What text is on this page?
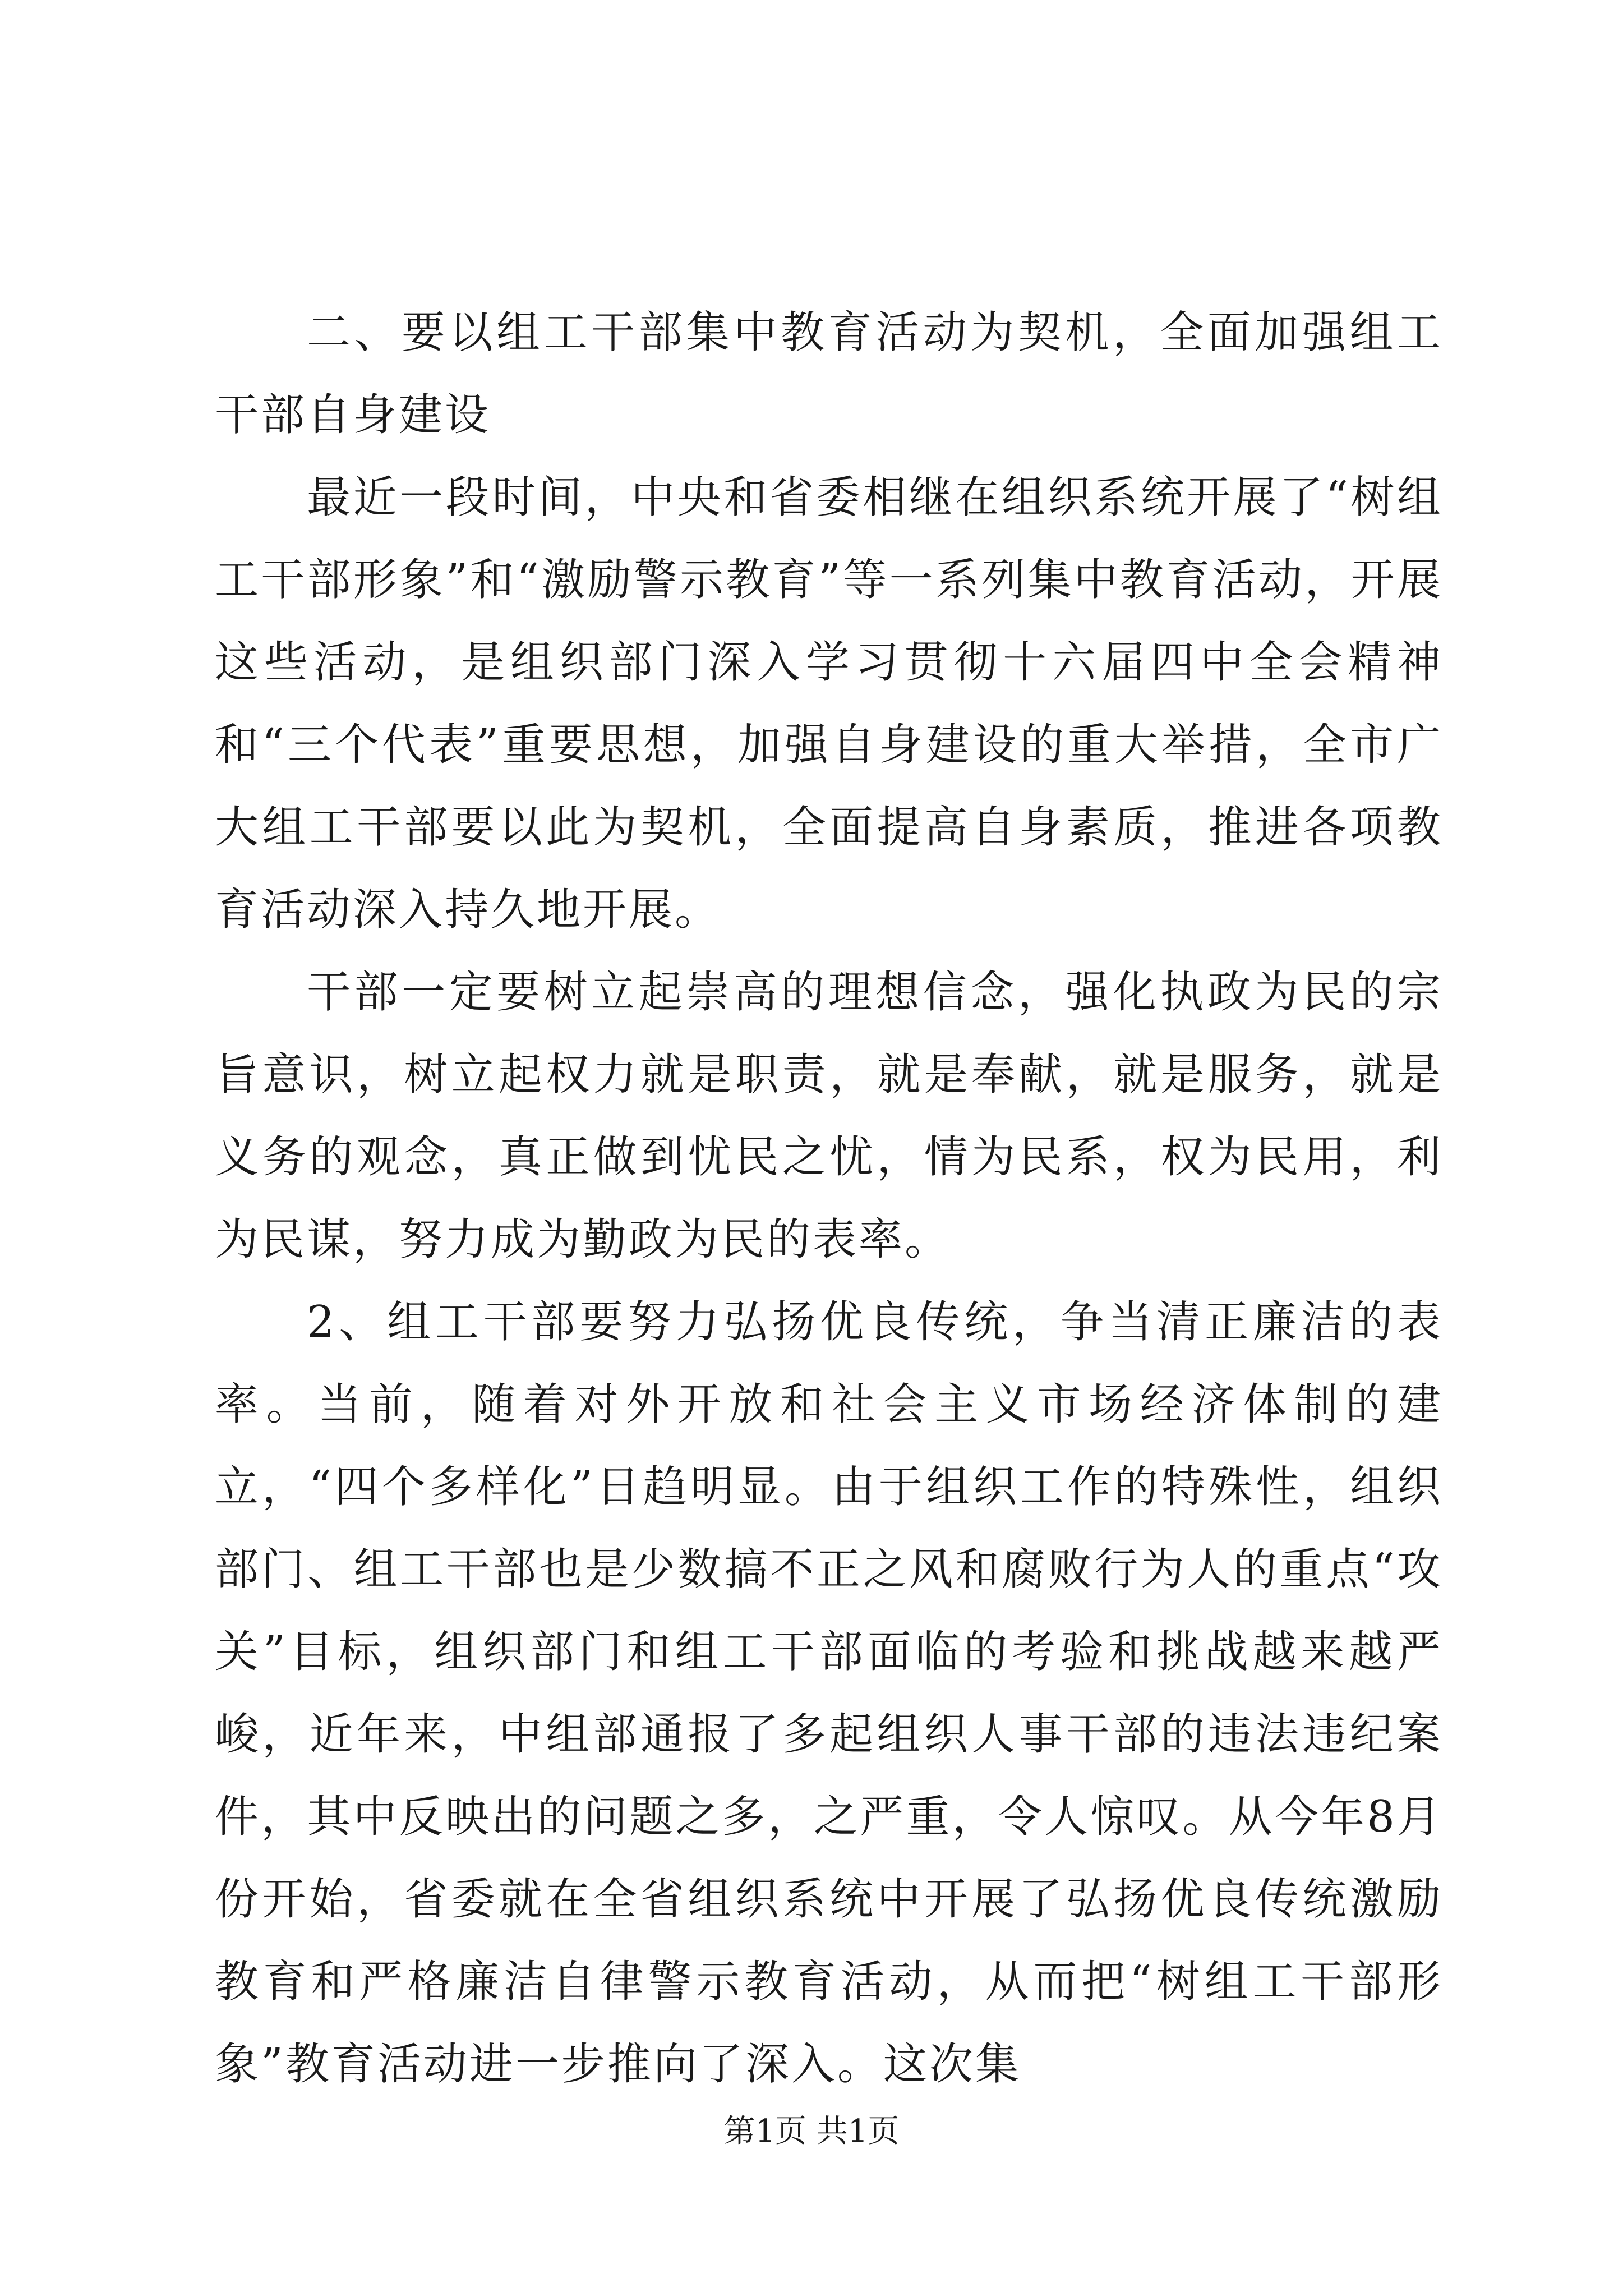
二、要以组工干部集中教育活动为契机，全面加强组工干部自身建设

最近一段时间，中央和省委相继在组织系统开展了“树组工干部形象”和“激励警示教育”等一系列集中教育活动，开展这些活动，是组织部门深入学习贯彻十六届四中全会精神和“三个代表”重要思想，加强自身建设的重大举措，全市广大组工干部要以此为契机，全面提高自身素质，推进各项教育活动深入持久地开展。

干部一定要树立起崇高的理想信念，强化执政为民的宗旨意识，树立起权力就是职责，就是奉献，就是服务，就是义务的观念，真正做到忧民之忧，情为民系，权为民用，利为民谋，努力成为勤政为民的表率。

2、组工干部要努力弘扬优良传统，争当清正廉洁的表率。当前，随着对外开放和社会主义市场经济体制的建立，“四个多样化”日趋明显。由于组织工作的特殊性，组织部门、组工干部也是少数搞不正之风和腐败行为人的重点“攻关”目标，组织部门和组工干部面临的考验和挑战越来越严峻，近年来，中组部通报了多起组织人事干部的违法违纪案件，其中反映出的问题之多，之严重，令人惊叹。从今年8月份开始，省委就在全省组织系统中开展了弘扬优良传统激励教育和严格廉洁自律警示教育活动，从而把“树组工干部形象”教育活动进一步推向了深入。这次集

第1页 共1页
